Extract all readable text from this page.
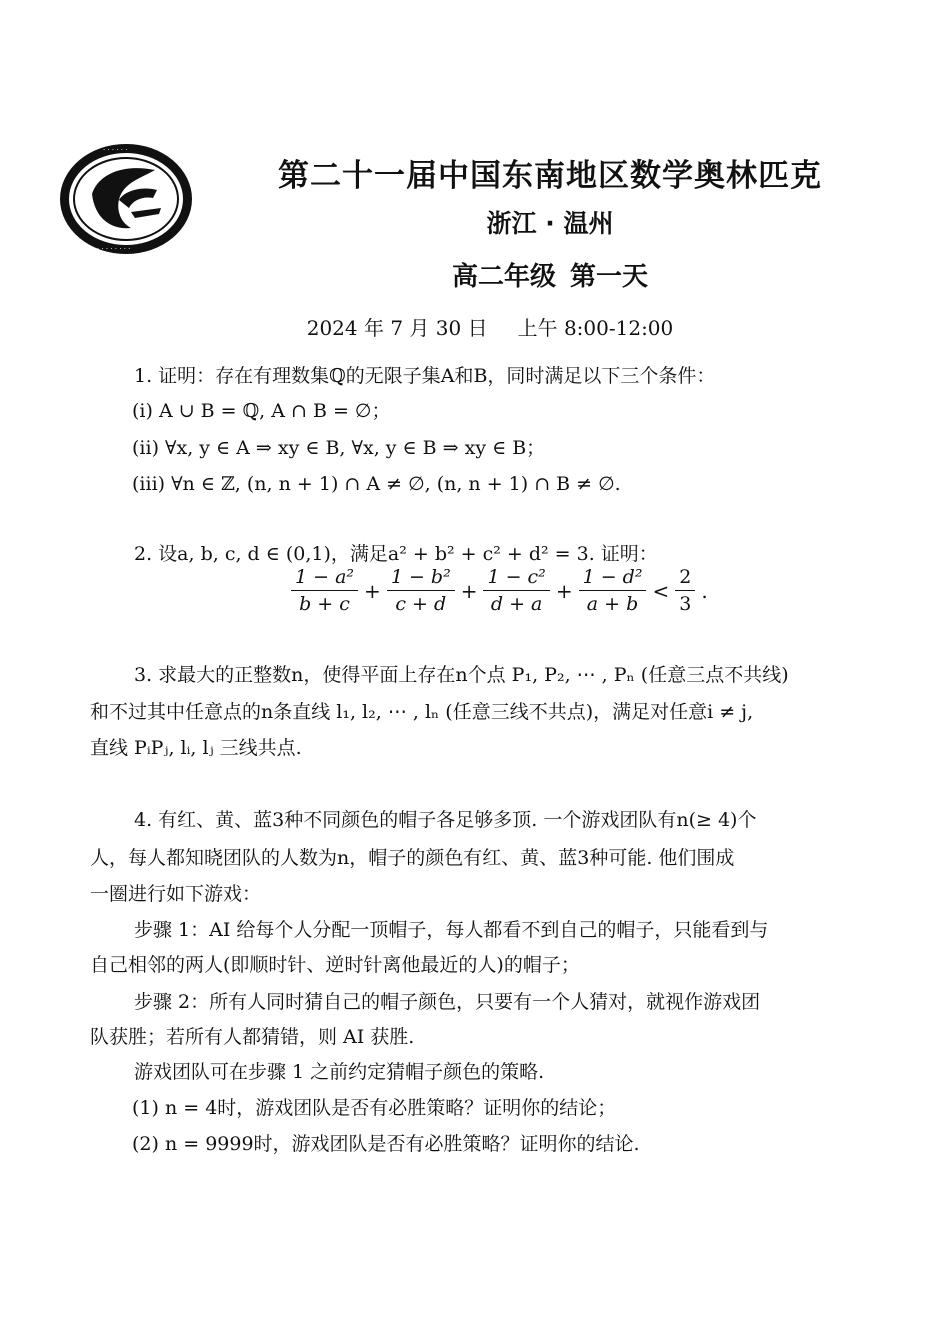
· · · · · ·
· · · · · · · ·
第二十一届中国东南地区数学奥林匹克
浙江 · 温州
高二年级 第一天
2024 年 7 月 30 日 上午 8:00-12:00
1. 证明：存在有理数集ℚ的无限子集A和B，同时满足以下三个条件：
(i) A ∪ B = ℚ, A ∩ B = ∅；
(ii) ∀x, y ∈ A ⇒ xy ∈ B, ∀x, y ∈ B ⇒ xy ∈ B；
(iii) ∀n ∈ ℤ, (n, n + 1) ∩ A ≠ ∅, (n, n + 1) ∩ B ≠ ∅.
2. 设a, b, c, d ∈ (0,1)，满足a² + b² + c² + d² = 3. 证明：
$\frac{\text{1 − a²}}{b + c} + \frac{\text{1 − b²}}{c + d} + \frac{\text{1 − c²}}{d + a} + \frac{\text{1 − d²}}{a + b} < \frac{2}{3}$ .
3. 求最大的正整数n，使得平面上存在n个点 P₁, P₂, ⋯ , Pₙ (任意三点不共线)
和不过其中任意点的n条直线 l₁, l₂, ⋯ , lₙ (任意三线不共点)，满足对任意i ≠ j,
直线 PᵢPⱼ, lᵢ, lⱼ 三线共点.
4. 有红、黄、蓝3种不同颜色的帽子各足够多顶. 一个游戏团队有n(≥ 4)个
人，每人都知晓团队的人数为n，帽子的颜色有红、黄、蓝3种可能. 他们围成
一圈进行如下游戏：
步骤 1：AI 给每个人分配一顶帽子，每人都看不到自己的帽子，只能看到与
自己相邻的两人(即顺时针、逆时针离他最近的人)的帽子；
步骤 2：所有人同时猜自己的帽子颜色，只要有一个人猜对，就视作游戏团
队获胜；若所有人都猜错，则 AI 获胜.
游戏团队可在步骤 1 之前约定猜帽子颜色的策略.
(1) n = 4时，游戏团队是否有必胜策略？证明你的结论；
(2) n = 9999时，游戏团队是否有必胜策略？证明你的结论.
